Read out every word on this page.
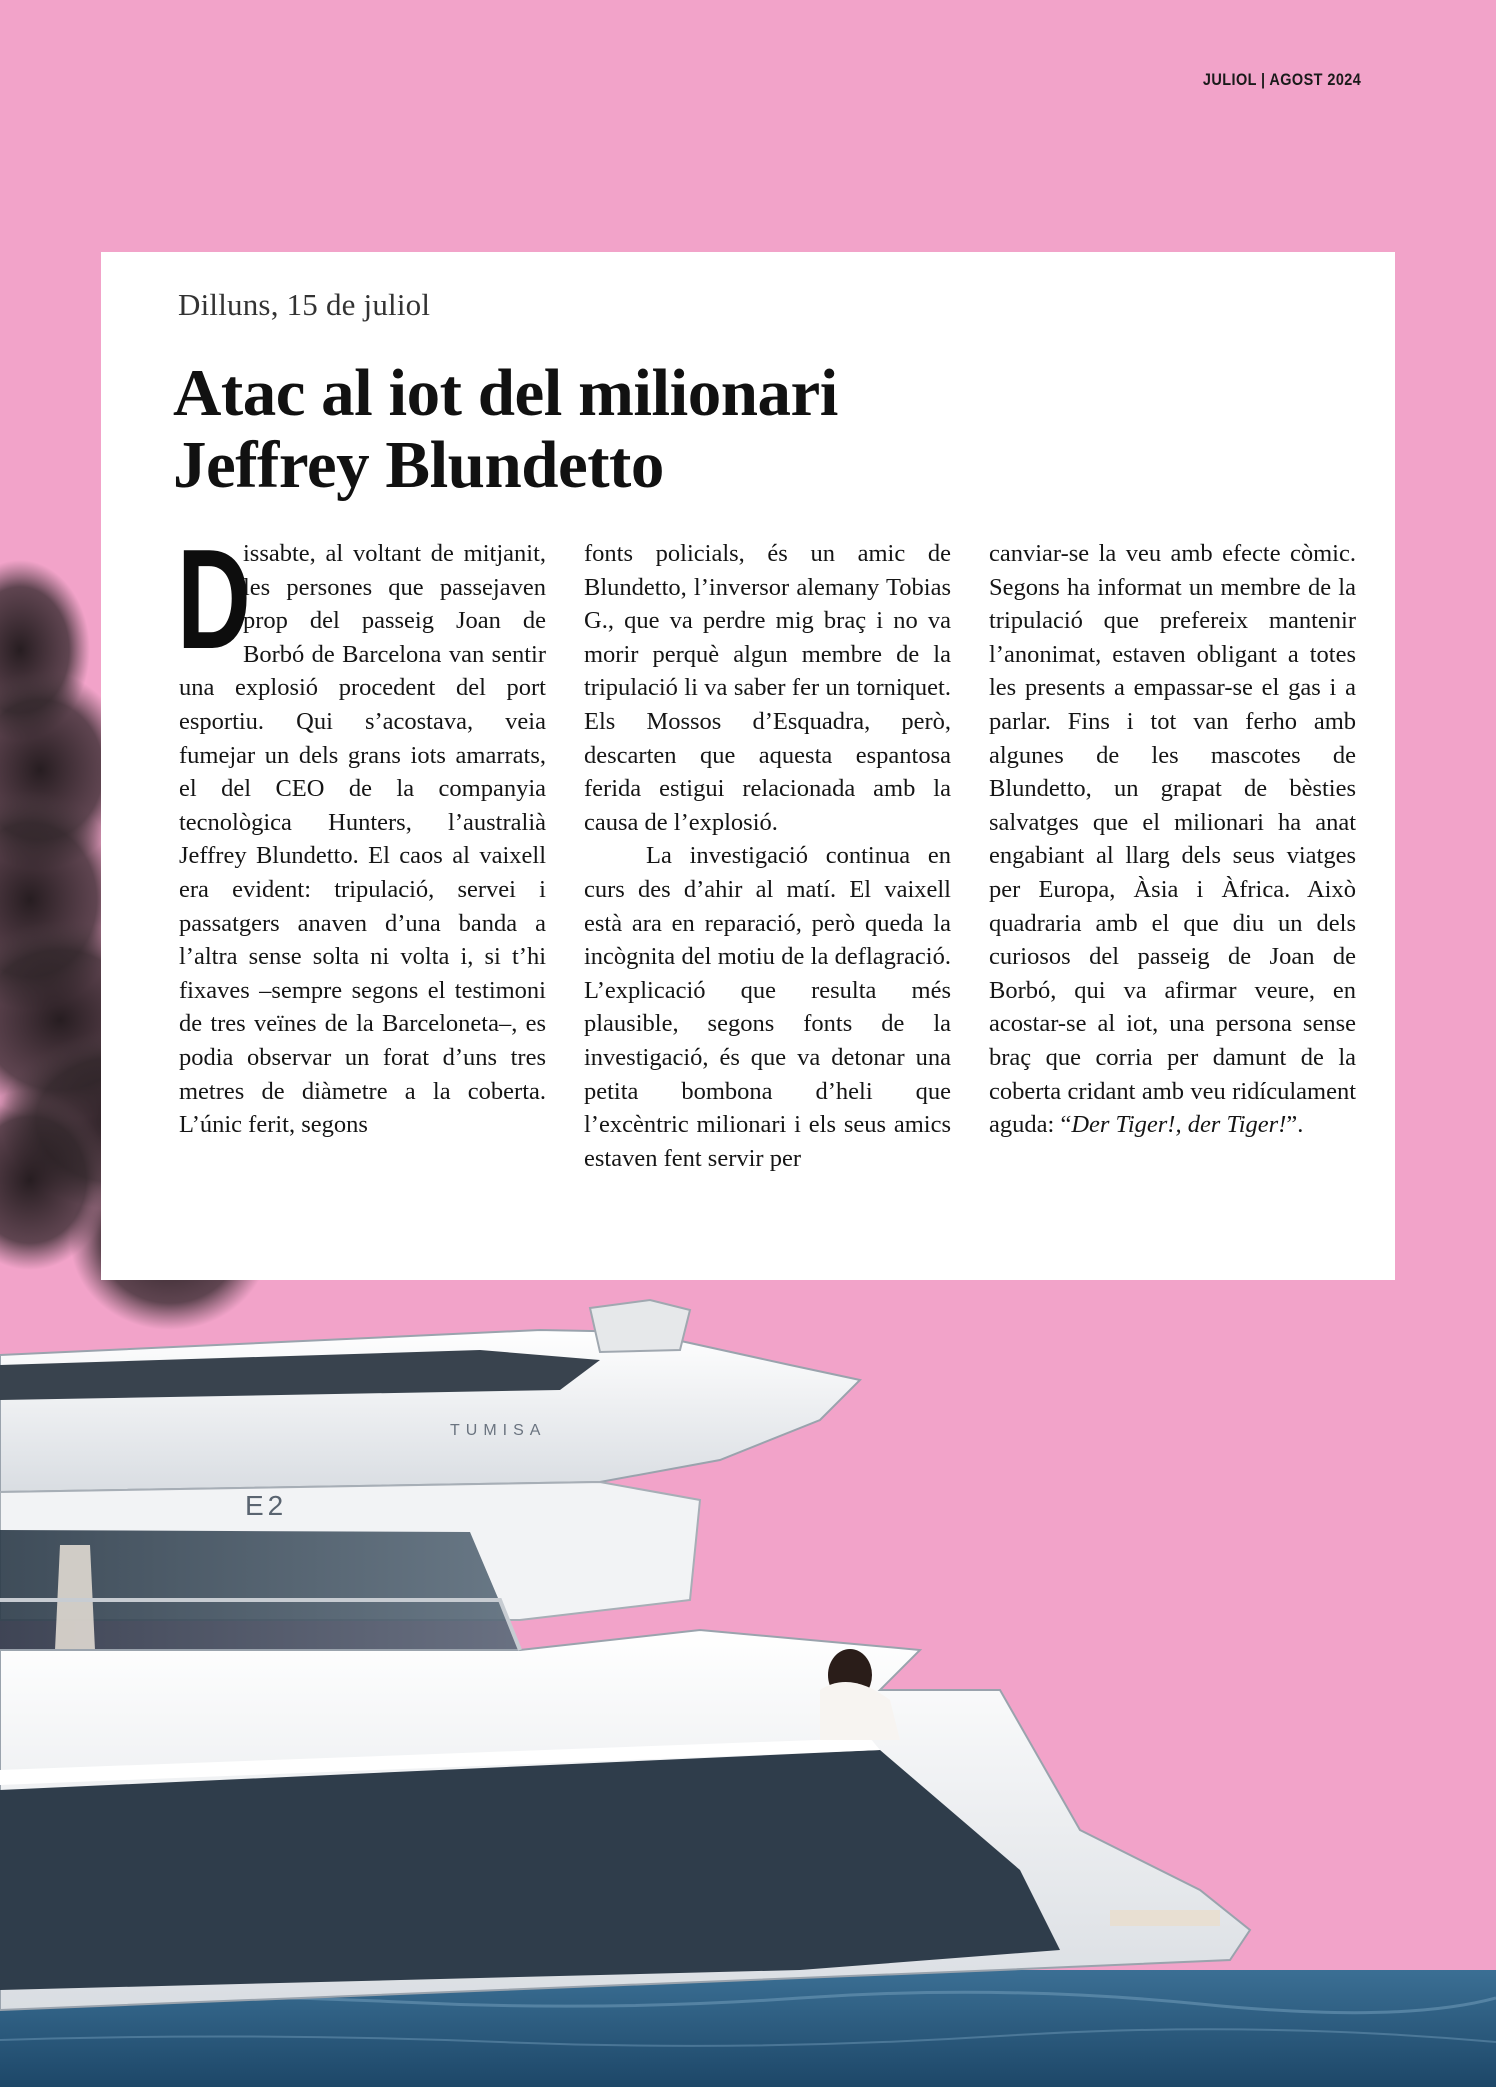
JULIOL | AGOST 2024
TUMISA
E2
Dilluns, 15 de juliol
Atac al iot del milionari
Jeffrey Blundetto
D

issabte, al voltant de mitjanit, les persones que passejaven prop del passeig Joan de Borbó de Barcelona van sentir una explosió procedent del port esportiu. Qui s’acostava, veia fumejar un dels grans iots amarrats, el del CEO de la companyia tecnològica Hunters, l’australià Jeffrey Blundetto. El caos al vaixell era evident: tripulació, servei i passatgers anaven d’una banda a l’altra sense solta ni volta i, si t’hi fixaves –sempre segons el testimoni de tres veïnes de la Barceloneta–, es podia observar un forat d’uns tres metres de diàmetre a la coberta. L’únic ferit, segons

fonts policials, és un amic de Blundetto, l’inversor alemany Tobias G., que va perdre mig braç i no va morir perquè algun membre de la tripulació li va saber fer un torniquet. Els Mossos d’Esquadra, però, descarten que aquesta espantosa ferida estigui relacionada amb la causa de l’explosió.

La investigació continua en curs des d’ahir al matí. El vaixell està ara en reparació, però queda la incògnita del motiu de la deflagració. L’explicació que resulta més plausible, segons fonts de la investigació, és que va detonar una petita bombona d’heli que l’excèntric milionari i els seus amics estaven fent servir per

canviar-se la veu amb efecte còmic. Segons ha informat un membre de la tripulació que prefereix mantenir l’anonimat, estaven obligant a totes les presents a empassar-se el gas i a parlar. Fins i tot van ferho amb algunes de les mascotes de Blundetto, un grapat de bèsties salvatges que el milionari ha anat engabiant al llarg dels seus viatges per Europa, Àsia i Àfrica. Això quadraria amb el que diu un dels curiosos del passeig de Joan de Borbó, qui va afirmar veure, en acostar-se al iot, una persona sense braç que corria per damunt de la coberta cridant amb veu ridículament aguda: “Der Tiger!, der Tiger!”.
